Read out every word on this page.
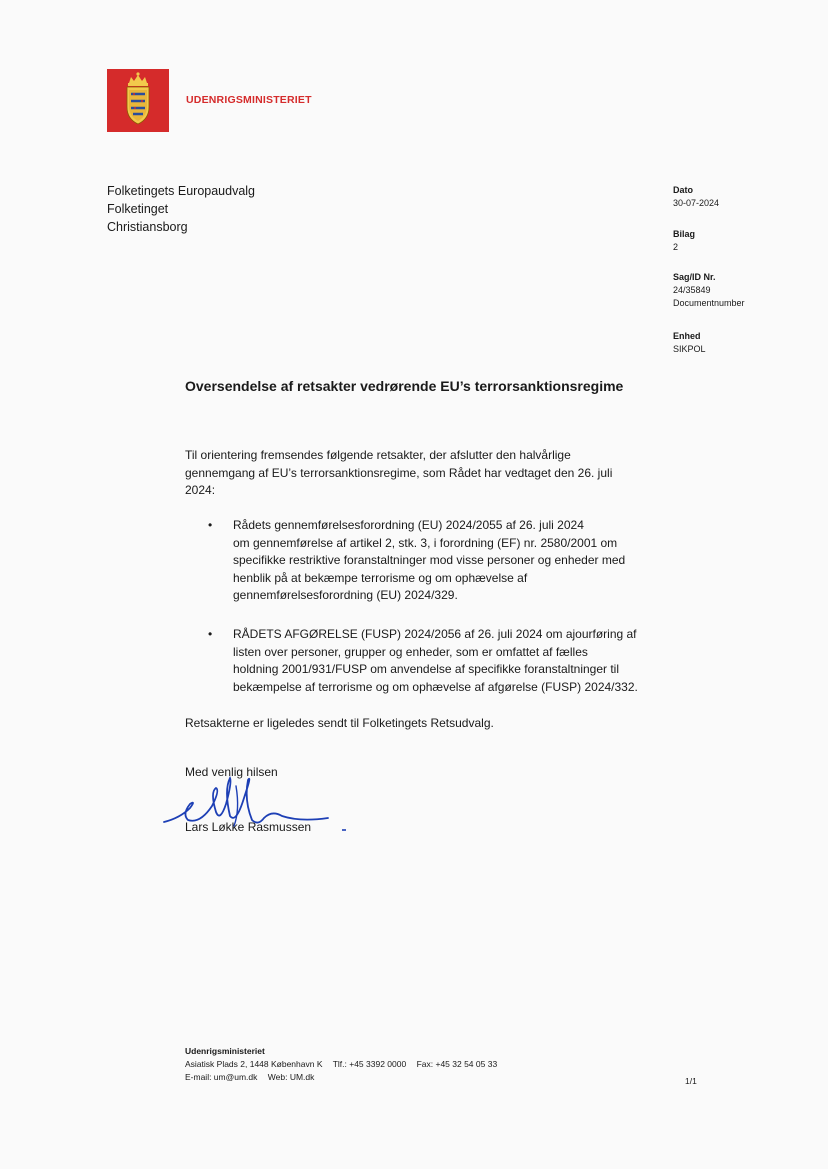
UDENRIGSMINISTERIET
Folketingets Europaudvalg
Folketinget
Christiansborg
Dato
30-07-2024
Bilag
2
Sag/ID Nr.
24/35849
Documentnumber
Enhed
SIKPOL
Oversendelse af retsakter vedrørende EU’s terrorsanktionsregime
Til orientering fremsendes følgende retsakter, der afslutter den halvårlige
gennemgang af EU’s terrorsanktionsregime, som Rådet har vedtaget den 26. juli
2024:
• Rådets gennemførelsesforordning (EU) 2024/2055 af 26. juli 2024
om gennemførelse af artikel 2, stk. 3, i forordning (EF) nr. 2580/2001 om
specifikke restriktive foranstaltninger mod visse personer og enheder med
henblik på at bekæmpe terrorisme og om ophævelse af
gennemførelsesforordning (EU) 2024/329.
• RÅDETS AFGØRELSE (FUSP) 2024/2056 af 26. juli 2024 om ajourføring af
listen over personer, grupper og enheder, som er omfattet af fælles
holdning 2001/931/FUSP om anvendelse af specifikke foranstaltninger til
bekæmpelse af terrorisme og om ophævelse af afgørelse (FUSP) 2024/332.
Retsakterne er ligeledes sendt til Folketingets Retsudvalg.
Med venlig hilsen
Lars Løkke Rasmussen
Udenrigsministeriet
Asiatisk Plads 2, 1448 København K Tlf.: +45 3392 0000 Fax: +45 32 54 05 33
E-mail: um@um.dk Web: UM.dk	1/1
